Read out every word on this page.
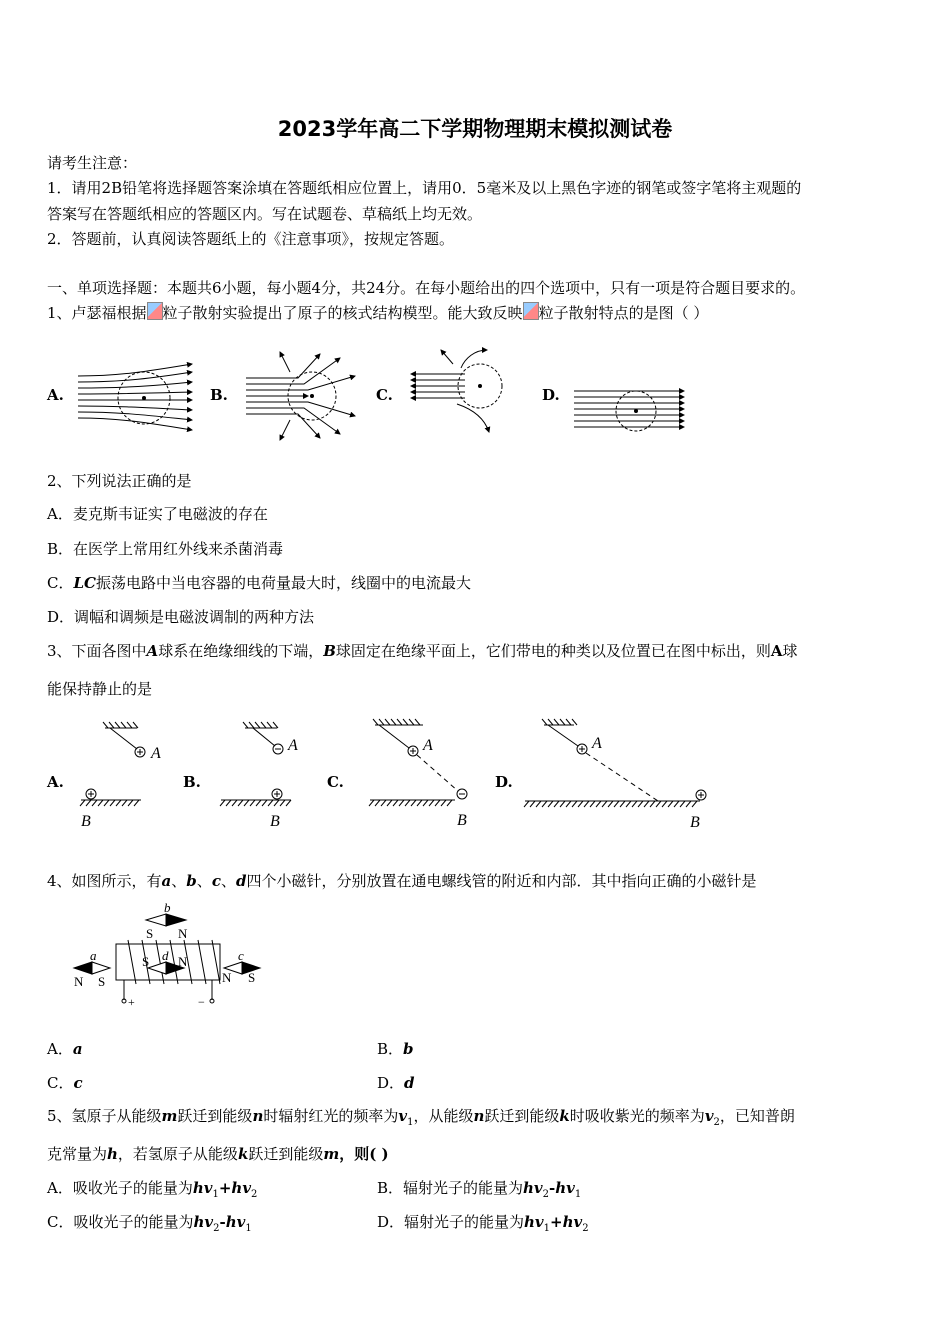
2023学年高二下学期物理期末模拟测试卷
请考生注意：
1．请用2B铅笔将选择题答案涂填在答题纸相应位置上，请用0．5毫米及以上黑色字迹的钢笔或签字笔将主观题的
答案写在答题纸相应的答题区内。写在试题卷、草稿纸上均无效。
2．答题前，认真阅读答题纸上的《注意事项》，按规定答题。
一、单项选择题：本题共6小题，每小题4分，共24分。在每小题给出的四个选项中，只有一项是符合题目要求的。
1、卢瑟福根据 粒子散射实验提出了原子的核式结构模型。能大致反映 粒子散射特点的是图（ ）
A.	B.	C.	D.
2、下列说法正确的是
A．麦克斯韦证实了电磁波的存在
B．在医学上常用红外线来杀菌消毒
C．LC振荡电路中当电容器的电荷量最大时，线圈中的电流最大
D．调幅和调频是电磁波调制的两种方法
3、下面各图中A球系在绝缘细线的下端，B球固定在绝缘平面上，它们带电的种类以及位置已在图中标出，则A球
能保持静止的是
A.	B.	C.	D.
A
B
A
B
A
B
A
B
4、如图所示，有a、b、c、d四个小磁针，分别放置在通电螺线管的附近和内部．其中指向正确的小磁针是
b
S N
a
N S
d
S N	c
N S
+	−
A．a	B．b
C．c	D．d
5、氢原子从能级m跃迁到能级n时辐射红光的频率为$v_1$，从能级n跃迁到能级k时吸收紫光的频率为$v_2$，已知普朗
克常量为h，若氢原子从能级k跃迁到能级m，则( )
A．吸收光子的能量为$hv_1+hv_2$	B．辐射光子的能量为$hv_2-hv_1$
C．吸收光子的能量为$hv_2-hv_1$	D．辐射光子的能量为$hv_1+hv_2$
